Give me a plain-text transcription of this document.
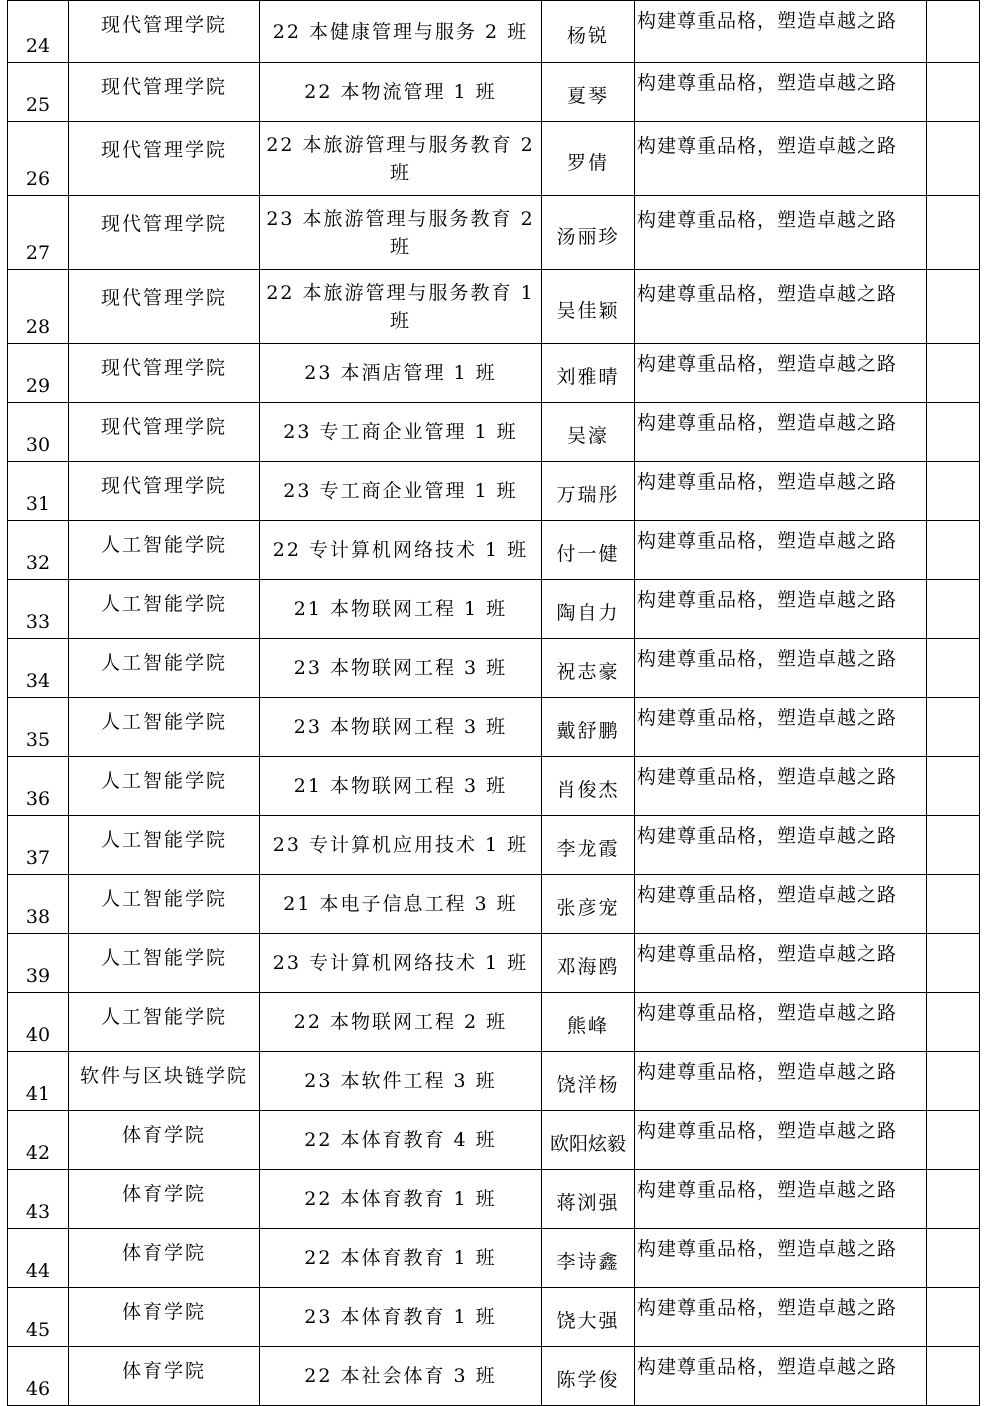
24	现代管理学院	22 本健康管理与服务 2 班	杨锐	构建尊重品格，塑造卓越之路	
25	现代管理学院	22 本物流管理 1 班	夏琴	构建尊重品格，塑造卓越之路	
26	现代管理学院	22 本旅游管理与服务教育 2 班	罗倩	构建尊重品格，塑造卓越之路	
27	现代管理学院	23 本旅游管理与服务教育 2 班	汤丽珍	构建尊重品格，塑造卓越之路	
28	现代管理学院	22 本旅游管理与服务教育 1 班	吴佳颖	构建尊重品格，塑造卓越之路	
29	现代管理学院	23 本酒店管理 1 班	刘雅晴	构建尊重品格，塑造卓越之路	
30	现代管理学院	23 专工商企业管理 1 班	吴濠	构建尊重品格，塑造卓越之路	
31	现代管理学院	23 专工商企业管理 1 班	万瑞彤	构建尊重品格，塑造卓越之路	
32	人工智能学院	22 专计算机网络技术 1 班	付一健	构建尊重品格，塑造卓越之路	
33	人工智能学院	21 本物联网工程 1 班	陶自力	构建尊重品格，塑造卓越之路	
34	人工智能学院	23 本物联网工程 3 班	祝志豪	构建尊重品格，塑造卓越之路	
35	人工智能学院	23 本物联网工程 3 班	戴舒鹏	构建尊重品格，塑造卓越之路	
36	人工智能学院	21 本物联网工程 3 班	肖俊杰	构建尊重品格，塑造卓越之路	
37	人工智能学院	23 专计算机应用技术 1 班	李龙霞	构建尊重品格，塑造卓越之路	
38	人工智能学院	21 本电子信息工程 3 班	张彦宠	构建尊重品格，塑造卓越之路	
39	人工智能学院	23 专计算机网络技术 1 班	邓海鸥	构建尊重品格，塑造卓越之路	
40	人工智能学院	22 本物联网工程 2 班	熊峰	构建尊重品格，塑造卓越之路	
41	软件与区块链学院	23 本软件工程 3 班	饶洋杨	构建尊重品格，塑造卓越之路	
42	体育学院	22 本体育教育 4 班	欧阳炫毅	构建尊重品格，塑造卓越之路	
43	体育学院	22 本体育教育 1 班	蒋浏强	构建尊重品格，塑造卓越之路	
44	体育学院	22 本体育教育 1 班	李诗鑫	构建尊重品格，塑造卓越之路	
45	体育学院	23 本体育教育 1 班	饶大强	构建尊重品格，塑造卓越之路	
46	体育学院	22 本社会体育 3 班	陈学俊	构建尊重品格，塑造卓越之路	
